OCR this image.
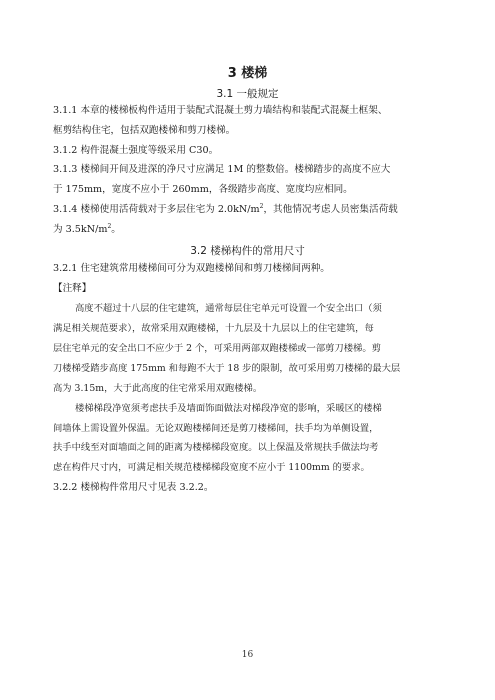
3 楼梯
3.1 一般规定
3.1.1 本章的楼梯板构件适用于装配式混凝土剪力墙结构和装配式混凝土框架、
框剪结构住宅，包括双跑楼梯和剪刀楼梯。
3.1.2 构件混凝土强度等级采用 C30。
3.1.3 楼梯间开间及进深的净尺寸应满足 1M 的整数倍。楼梯踏步的高度不应大
于 175mm，宽度不应小于 260mm，各级踏步高度、宽度均应相同。
3.1.4 楼梯使用活荷载对于多层住宅为 $2.0kN/m^2$，其他情况考虑人员密集活荷载
为 $3.5kN/m^2$。
3.2 楼梯构件的常用尺寸
3.2.1 住宅建筑常用楼梯间可分为双跑楼梯间和剪刀楼梯间两种。
【注释】
高度不超过十八层的住宅建筑，通常每层住宅单元可设置一个安全出口（须
满足相关规范要求），故常采用双跑楼梯，十九层及十九层以上的住宅建筑，每
层住宅单元的安全出口不应少于 2 个，可采用两部双跑楼梯或一部剪刀楼梯。剪
刀楼梯受踏步高度 175mm 和每跑不大于 18 步的限制，故可采用剪刀楼梯的最大层
高为 3.15m，大于此高度的住宅常采用双跑楼梯。
楼梯梯段净宽须考虑扶手及墙面饰面做法对梯段净宽的影响，采暖区的楼梯
间墙体上需设置外保温。无论双跑楼梯间还是剪刀楼梯间，扶手均为单侧设置，
扶手中线至对面墙面之间的距离为楼梯梯段宽度。以上保温及常规扶手做法均考
虑在构件尺寸内，可满足相关规范楼梯梯段宽度不应小于 1100mm 的要求。
3.2.2 楼梯构件常用尺寸见表 3.2.2。
16
